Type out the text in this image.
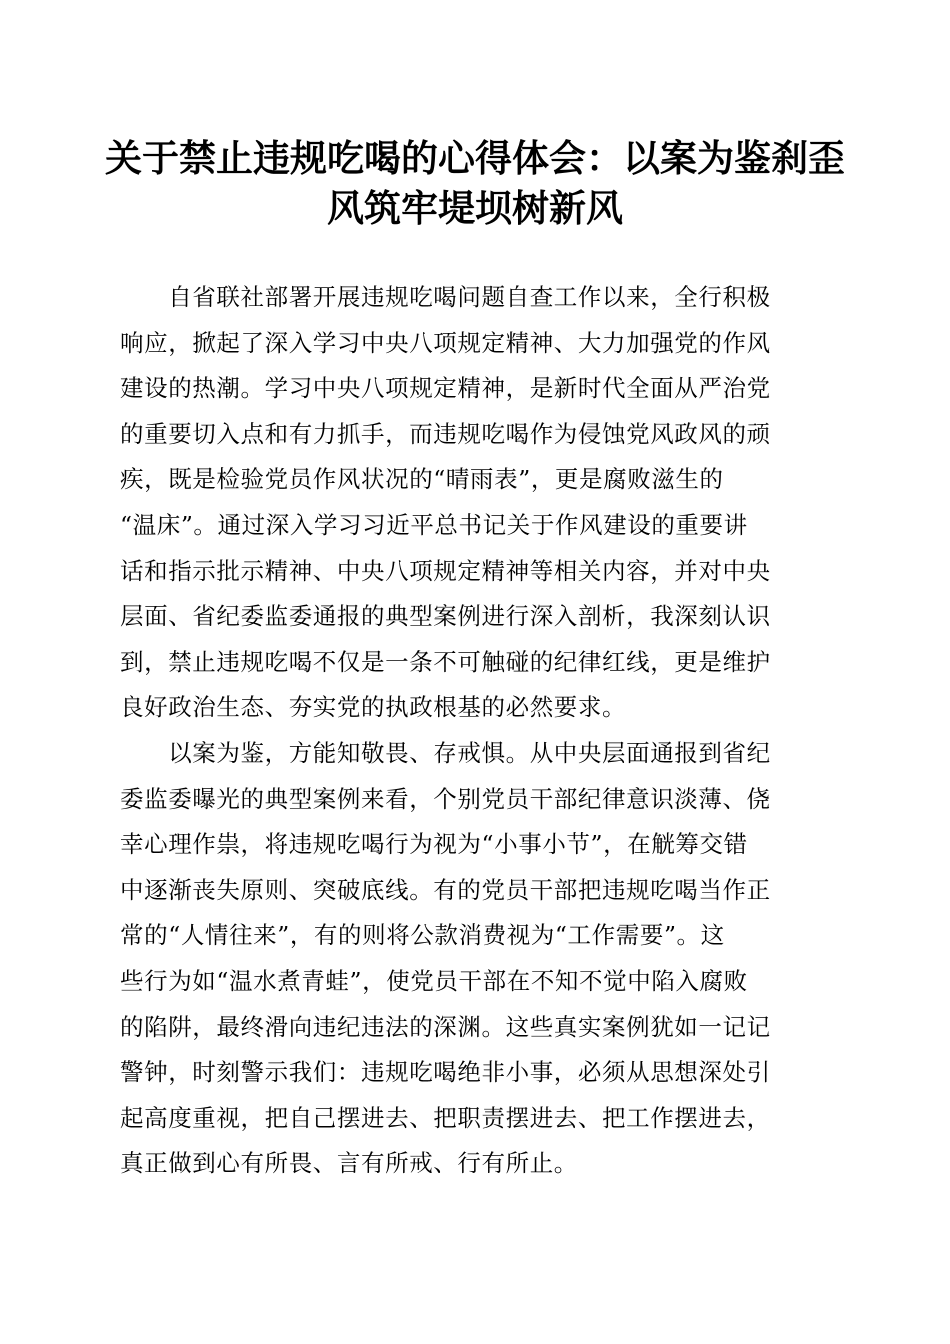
关于禁止违规吃喝的心得体会：以案为鉴刹歪
风筑牢堤坝树新风
　　自省联社部署开展违规吃喝问题自查工作以来，全行积极
响应，掀起了深入学习中央八项规定精神、大力加强党的作风
建设的热潮。学习中央八项规定精神，是新时代全面从严治党
的重要切入点和有力抓手，而违规吃喝作为侵蚀党风政风的顽
疾，既是检验党员作风状况的“晴雨表”，更是腐败滋生的
“温床”。通过深入学习习近平总书记关于作风建设的重要讲
话和指示批示精神、中央八项规定精神等相关内容，并对中央
层面、省纪委监委通报的典型案例进行深入剖析，我深刻认识
到，禁止违规吃喝不仅是一条不可触碰的纪律红线，更是维护
良好政治生态、夯实党的执政根基的必然要求。
　　以案为鉴，方能知敬畏、存戒惧。从中央层面通报到省纪
委监委曝光的典型案例来看，个别党员干部纪律意识淡薄、侥
幸心理作祟，将违规吃喝行为视为“小事小节”，在觥筹交错
中逐渐丧失原则、突破底线。有的党员干部把违规吃喝当作正
常的“人情往来”，有的则将公款消费视为“工作需要”。这
些行为如“温水煮青蛙”，使党员干部在不知不觉中陷入腐败
的陷阱，最终滑向违纪违法的深渊。这些真实案例犹如一记记
警钟，时刻警示我们：违规吃喝绝非小事，必须从思想深处引
起高度重视，把自己摆进去、把职责摆进去、把工作摆进去，
真正做到心有所畏、言有所戒、行有所止。
